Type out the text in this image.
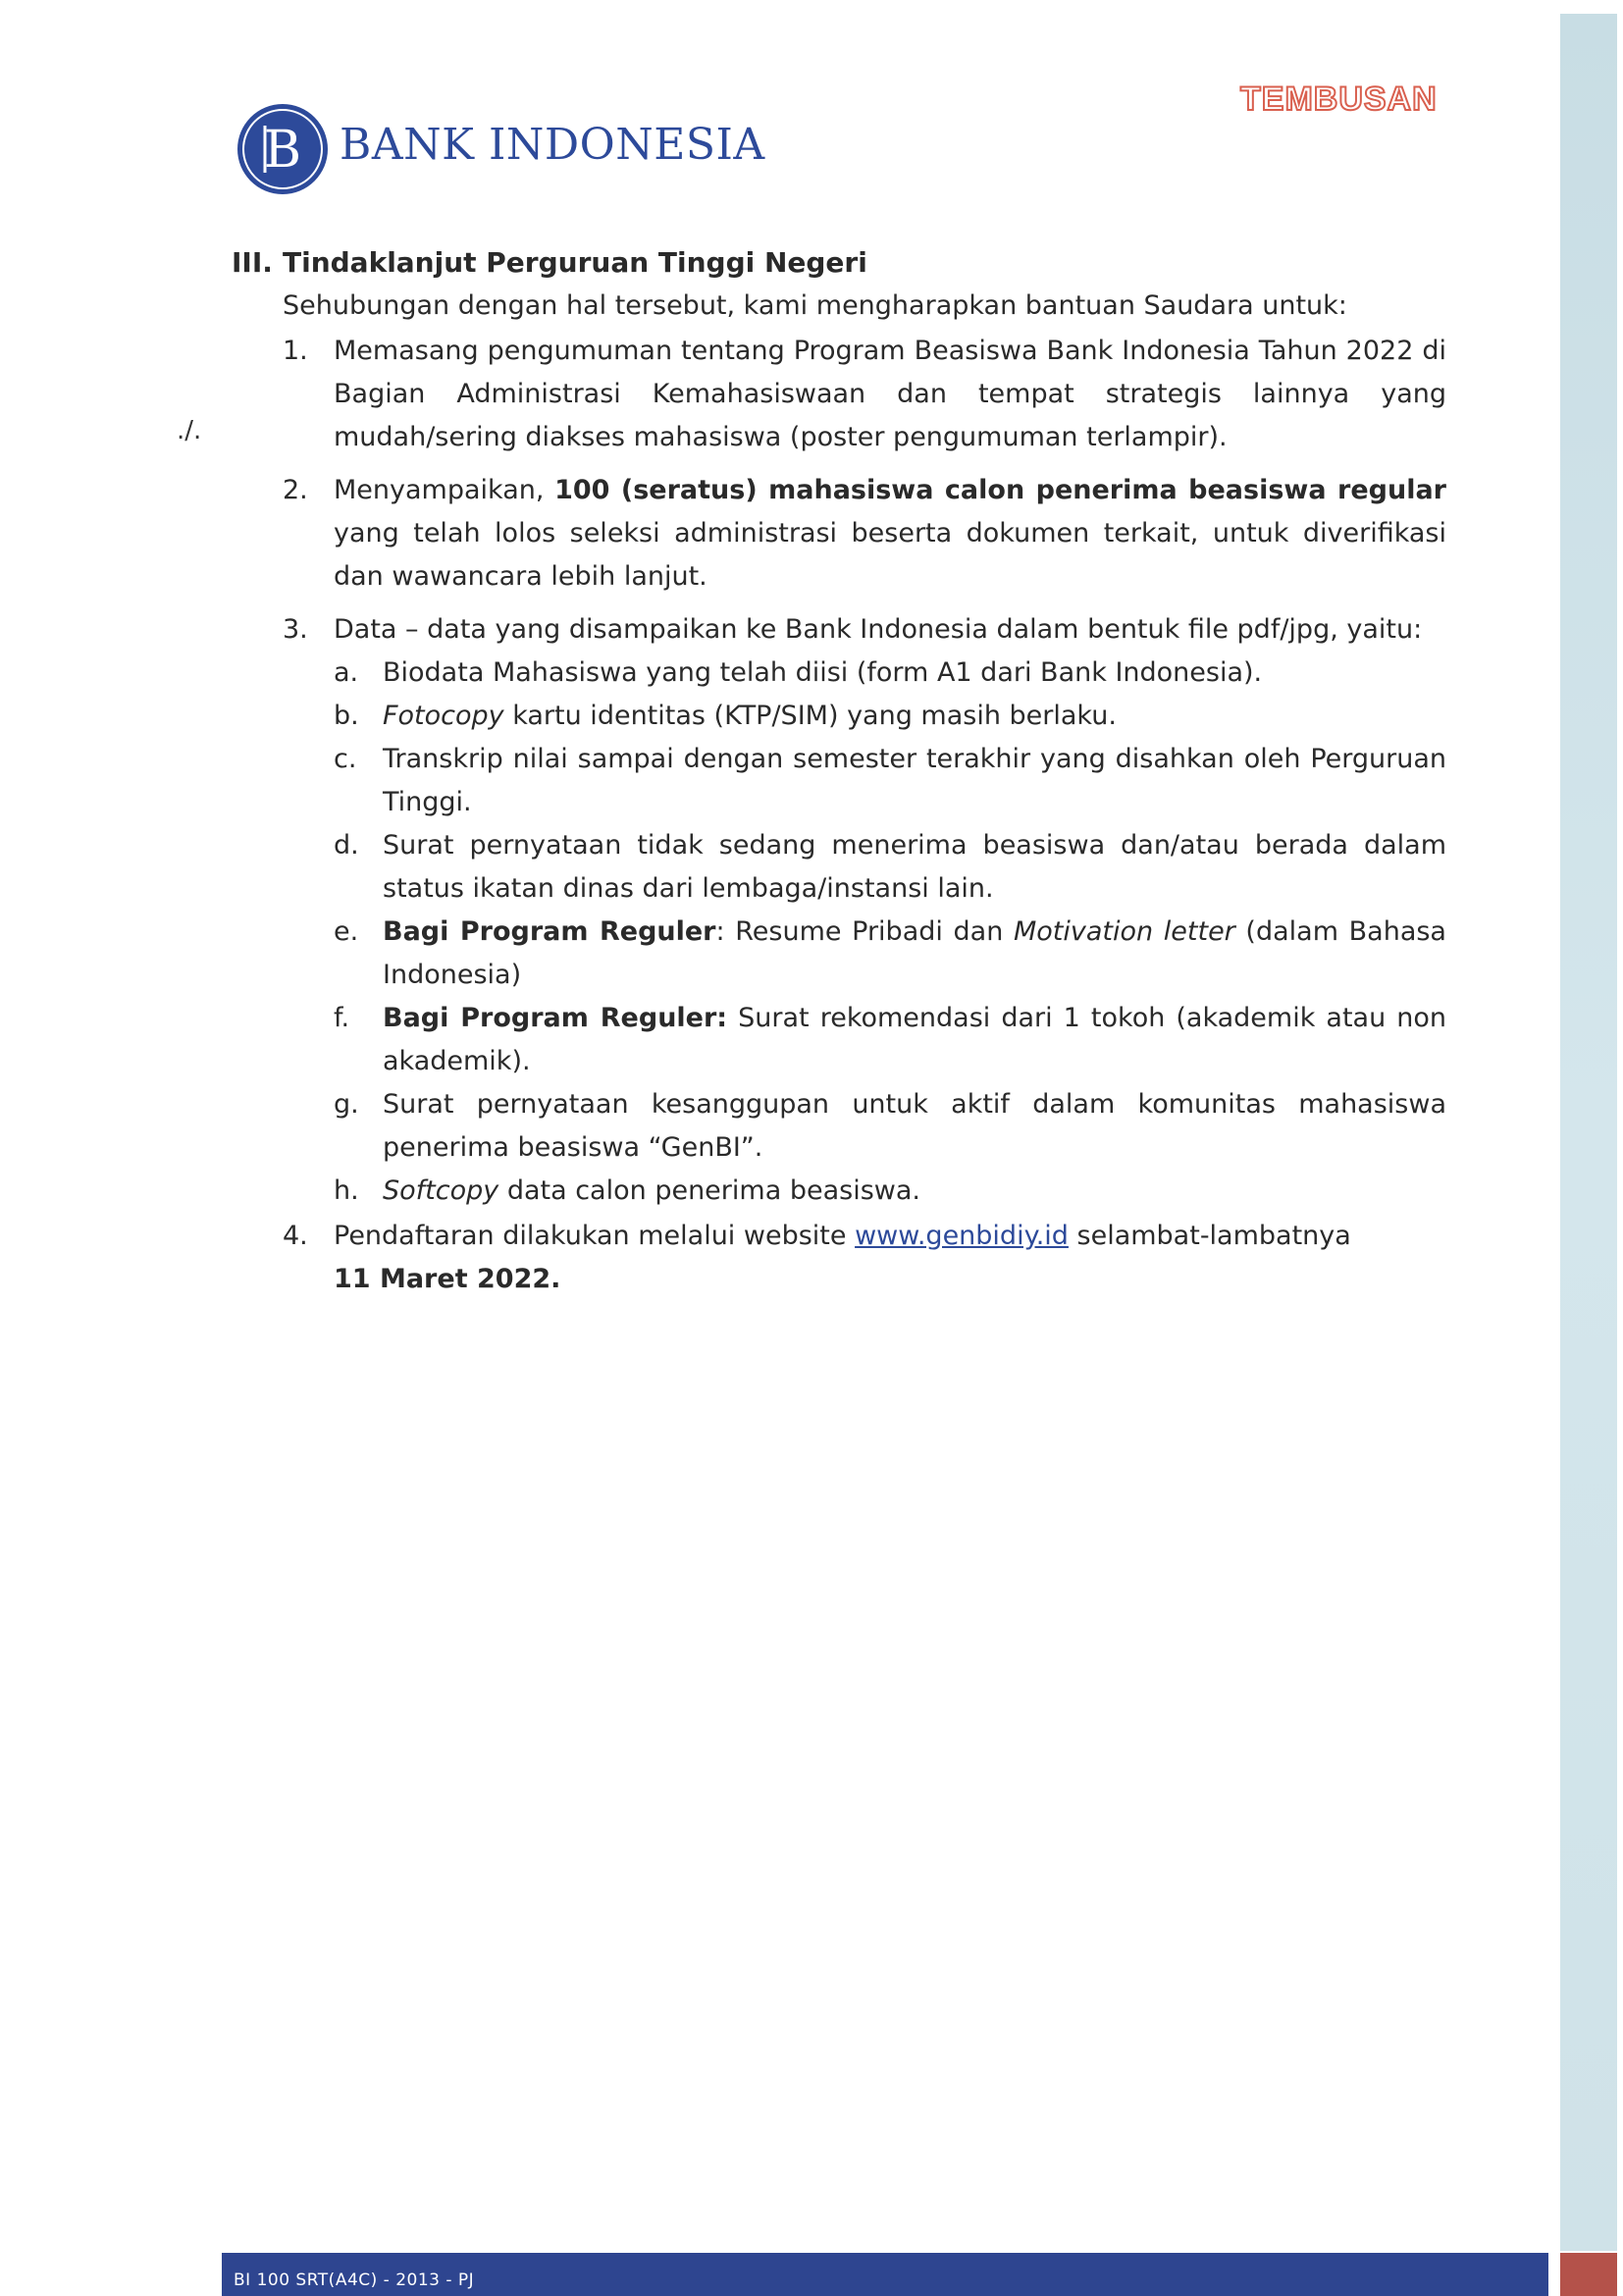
TEMBUSAN
B BANK INDONESIA
./.
III. Tindaklanjut Perguruan Tinggi Negeri
Sehubungan dengan hal tersebut, kami mengharapkan bantuan Saudara untuk:
1. Memasang pengumuman tentang Program Beasiswa Bank Indonesia Tahun 2022 di Bagian Administrasi Kemahasiswaan dan tempat strategis lainnya yang mudah/sering diakses mahasiswa (poster pengumuman terlampir).
2. Menyampaikan, 100 (seratus) mahasiswa calon penerima beasiswa regular yang telah lolos seleksi administrasi beserta dokumen terkait, untuk diverifikasi dan wawancara lebih lanjut.
3. Data – data yang disampaikan ke Bank Indonesia dalam bentuk file pdf/jpg, yaitu:
a. Biodata Mahasiswa yang telah diisi (form A1 dari Bank Indonesia).
b. Fotocopy kartu identitas (KTP/SIM) yang masih berlaku.
c. Transkrip nilai sampai dengan semester terakhir yang disahkan oleh Perguruan Tinggi.
d. Surat pernyataan tidak sedang menerima beasiswa dan/atau berada dalam status ikatan dinas dari lembaga/instansi lain.
e. Bagi Program Reguler: Resume Pribadi dan Motivation letter (dalam Bahasa Indonesia)
f.	Bagi Program Reguler: Surat rekomendasi dari 1 tokoh (akademik atau non akademik).
g. Surat pernyataan kesanggupan untuk aktif dalam komunitas mahasiswa penerima beasiswa “GenBI”.
h. Softcopy data calon penerima beasiswa.
4. Pendaftaran dilakukan melalui website www.genbidiy.id selambat-lambatnya
11 Maret 2022.
BI 100 SRT(A4C) - 2013 - PJ
